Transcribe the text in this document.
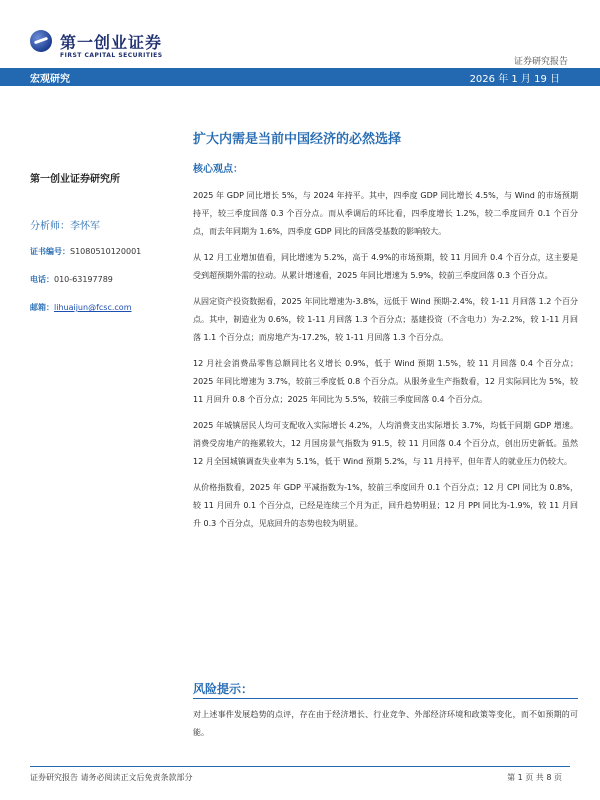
第一创业证券
FIRST CAPITAL SECURITIES
证券研究报告
宏观研究	2026 年 1 月 19 日
扩大内需是当前中国经济的必然选择
第一创业证券研究所
分析师：李怀军
证书编号：S1080510120001
电话：010-63197789
邮箱：lihuaijun@fcsc.com
核心观点：

2025 年 GDP 同比增长 5%，与 2024 年持平。其中，四季度 GDP 同比增长 4.5%，与 Wind 的市场预期持平，较三季度回落 0.3 个百分点。而从季调后的环比看，四季度增长 1.2%，较二季度回升 0.1 个百分点，而去年同期为 1.6%，四季度 GDP 同比的回落受基数的影响较大。

从 12 月工业增加值看，同比增速为 5.2%，高于 4.9%的市场预期，较 11 月回升 0.4 个百分点，这主要是受到超预期外需的拉动。从累计增速看，2025 年同比增速为 5.9%，较前三季度回落 0.3 个百分点。

从固定资产投资数据看，2025 年同比增速为-3.8%，远低于 Wind 预期-2.4%，较 1-11 月回落 1.2 个百分点。其中，制造业为 0.6%，较 1-11 月回落 1.3 个百分点；基建投资（不含电力）为-2.2%，较 1-11 月回落 1.1 个百分点；而房地产为-17.2%，较 1-11 月回落 1.3 个百分点。

12 月社会消费品零售总额同比名义增长 0.9%，低于 Wind 预期 1.5%，较 11 月回落 0.4 个百分点；2025 年同比增速为 3.7%，较前三季度低 0.8 个百分点。从服务业生产指数看，12 月实际同比为 5%，较 11 月回升 0.8 个百分点；2025 年同比为 5.5%，较前三季度回落 0.4 个百分点。

2025 年城镇居民人均可支配收入实际增长 4.2%，人均消费支出实际增长 3.7%，均低于同期 GDP 增速。消费受房地产的拖累较大，12 月国房景气指数为 91.5，较 11 月回落 0.4 个百分点，创出历史新低。虽然 12 月全国城镇调查失业率为 5.1%，低于 Wind 预期 5.2%，与 11 月持平，但年青人的就业压力仍较大。

从价格指数看，2025 年 GDP 平减指数为-1%，较前三季度回升 0.1 个百分点；12 月 CPI 同比为 0.8%，较 11 月回升 0.1 个百分点，已经是连续三个月为正，回升趋势明显；12 月 PPI 同比为-1.9%，较 11 月回升 0.3 个百分点，见底回升的态势也较为明显。

风险提示：

对上述事件发展趋势的点评，存在由于经济增长、行业竞争、外部经济环境和政策等变化，而不如预期的可能。

证券研究报告 请务必阅读正文后免责条款部分	第 1 页 共 8 页
